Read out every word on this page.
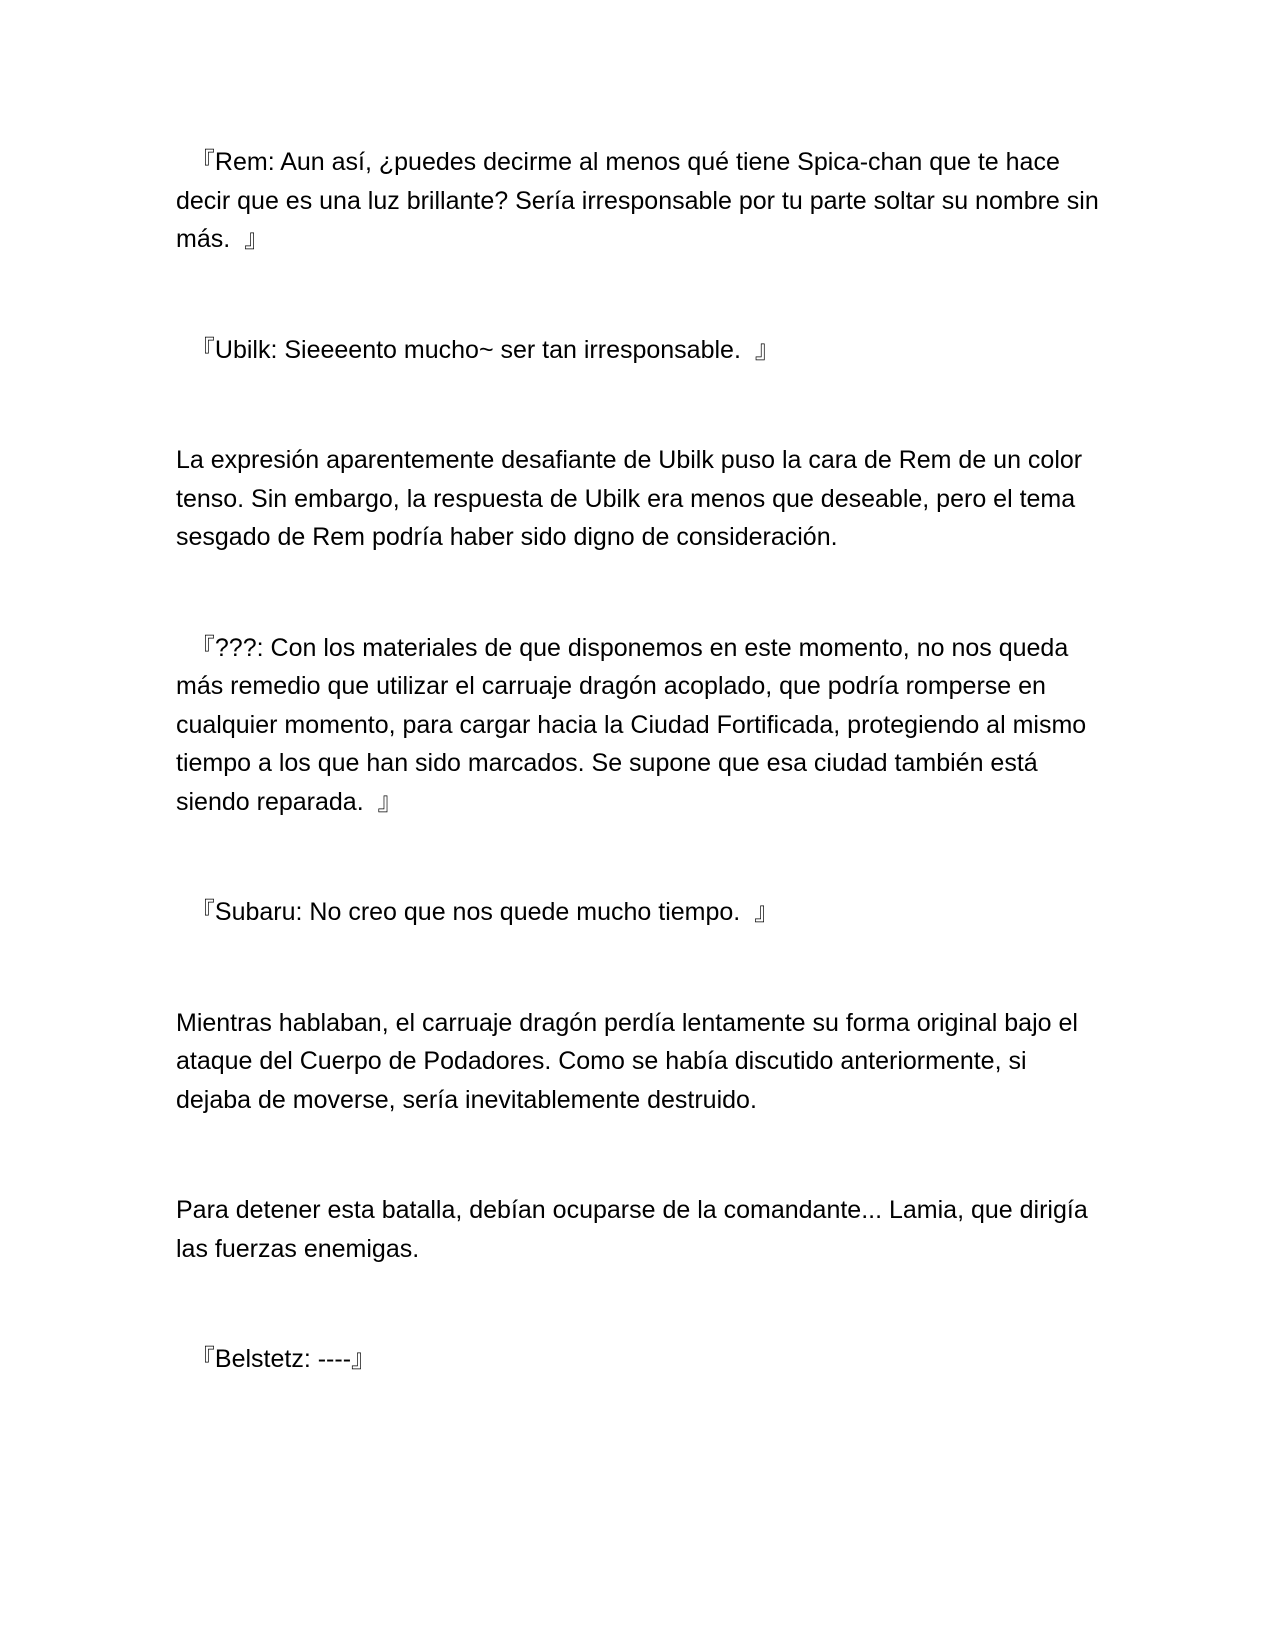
『Rem: Aun así, ¿puedes decirme al menos qué tiene Spica-chan que te hace decir que es una luz brillante? Sería irresponsable por tu parte soltar su nombre sin más.  』

『Ubilk: Sieeeento mucho~ ser tan irresponsable.  』

La expresión aparentemente desafiante de Ubilk puso la cara de Rem de un color tenso. Sin embargo, la respuesta de Ubilk era menos que deseable, pero el tema sesgado de Rem podría haber sido digno de consideración.

『???: Con los materiales de que disponemos en este momento, no nos queda más remedio que utilizar el carruaje dragón acoplado, que podría romperse en cualquier momento, para cargar hacia la Ciudad Fortificada, protegiendo al mismo tiempo a los que han sido marcados. Se supone que esa ciudad también está siendo reparada.  』

『Subaru: No creo que nos quede mucho tiempo.  』

Mientras hablaban, el carruaje dragón perdía lentamente su forma original bajo el ataque del Cuerpo de Podadores. Como se había discutido anteriormente, si dejaba de moverse, sería inevitablemente destruido.

Para detener esta batalla, debían ocuparse de la comandante... Lamia, que dirigía las fuerzas enemigas.

『Belstetz: ----』
